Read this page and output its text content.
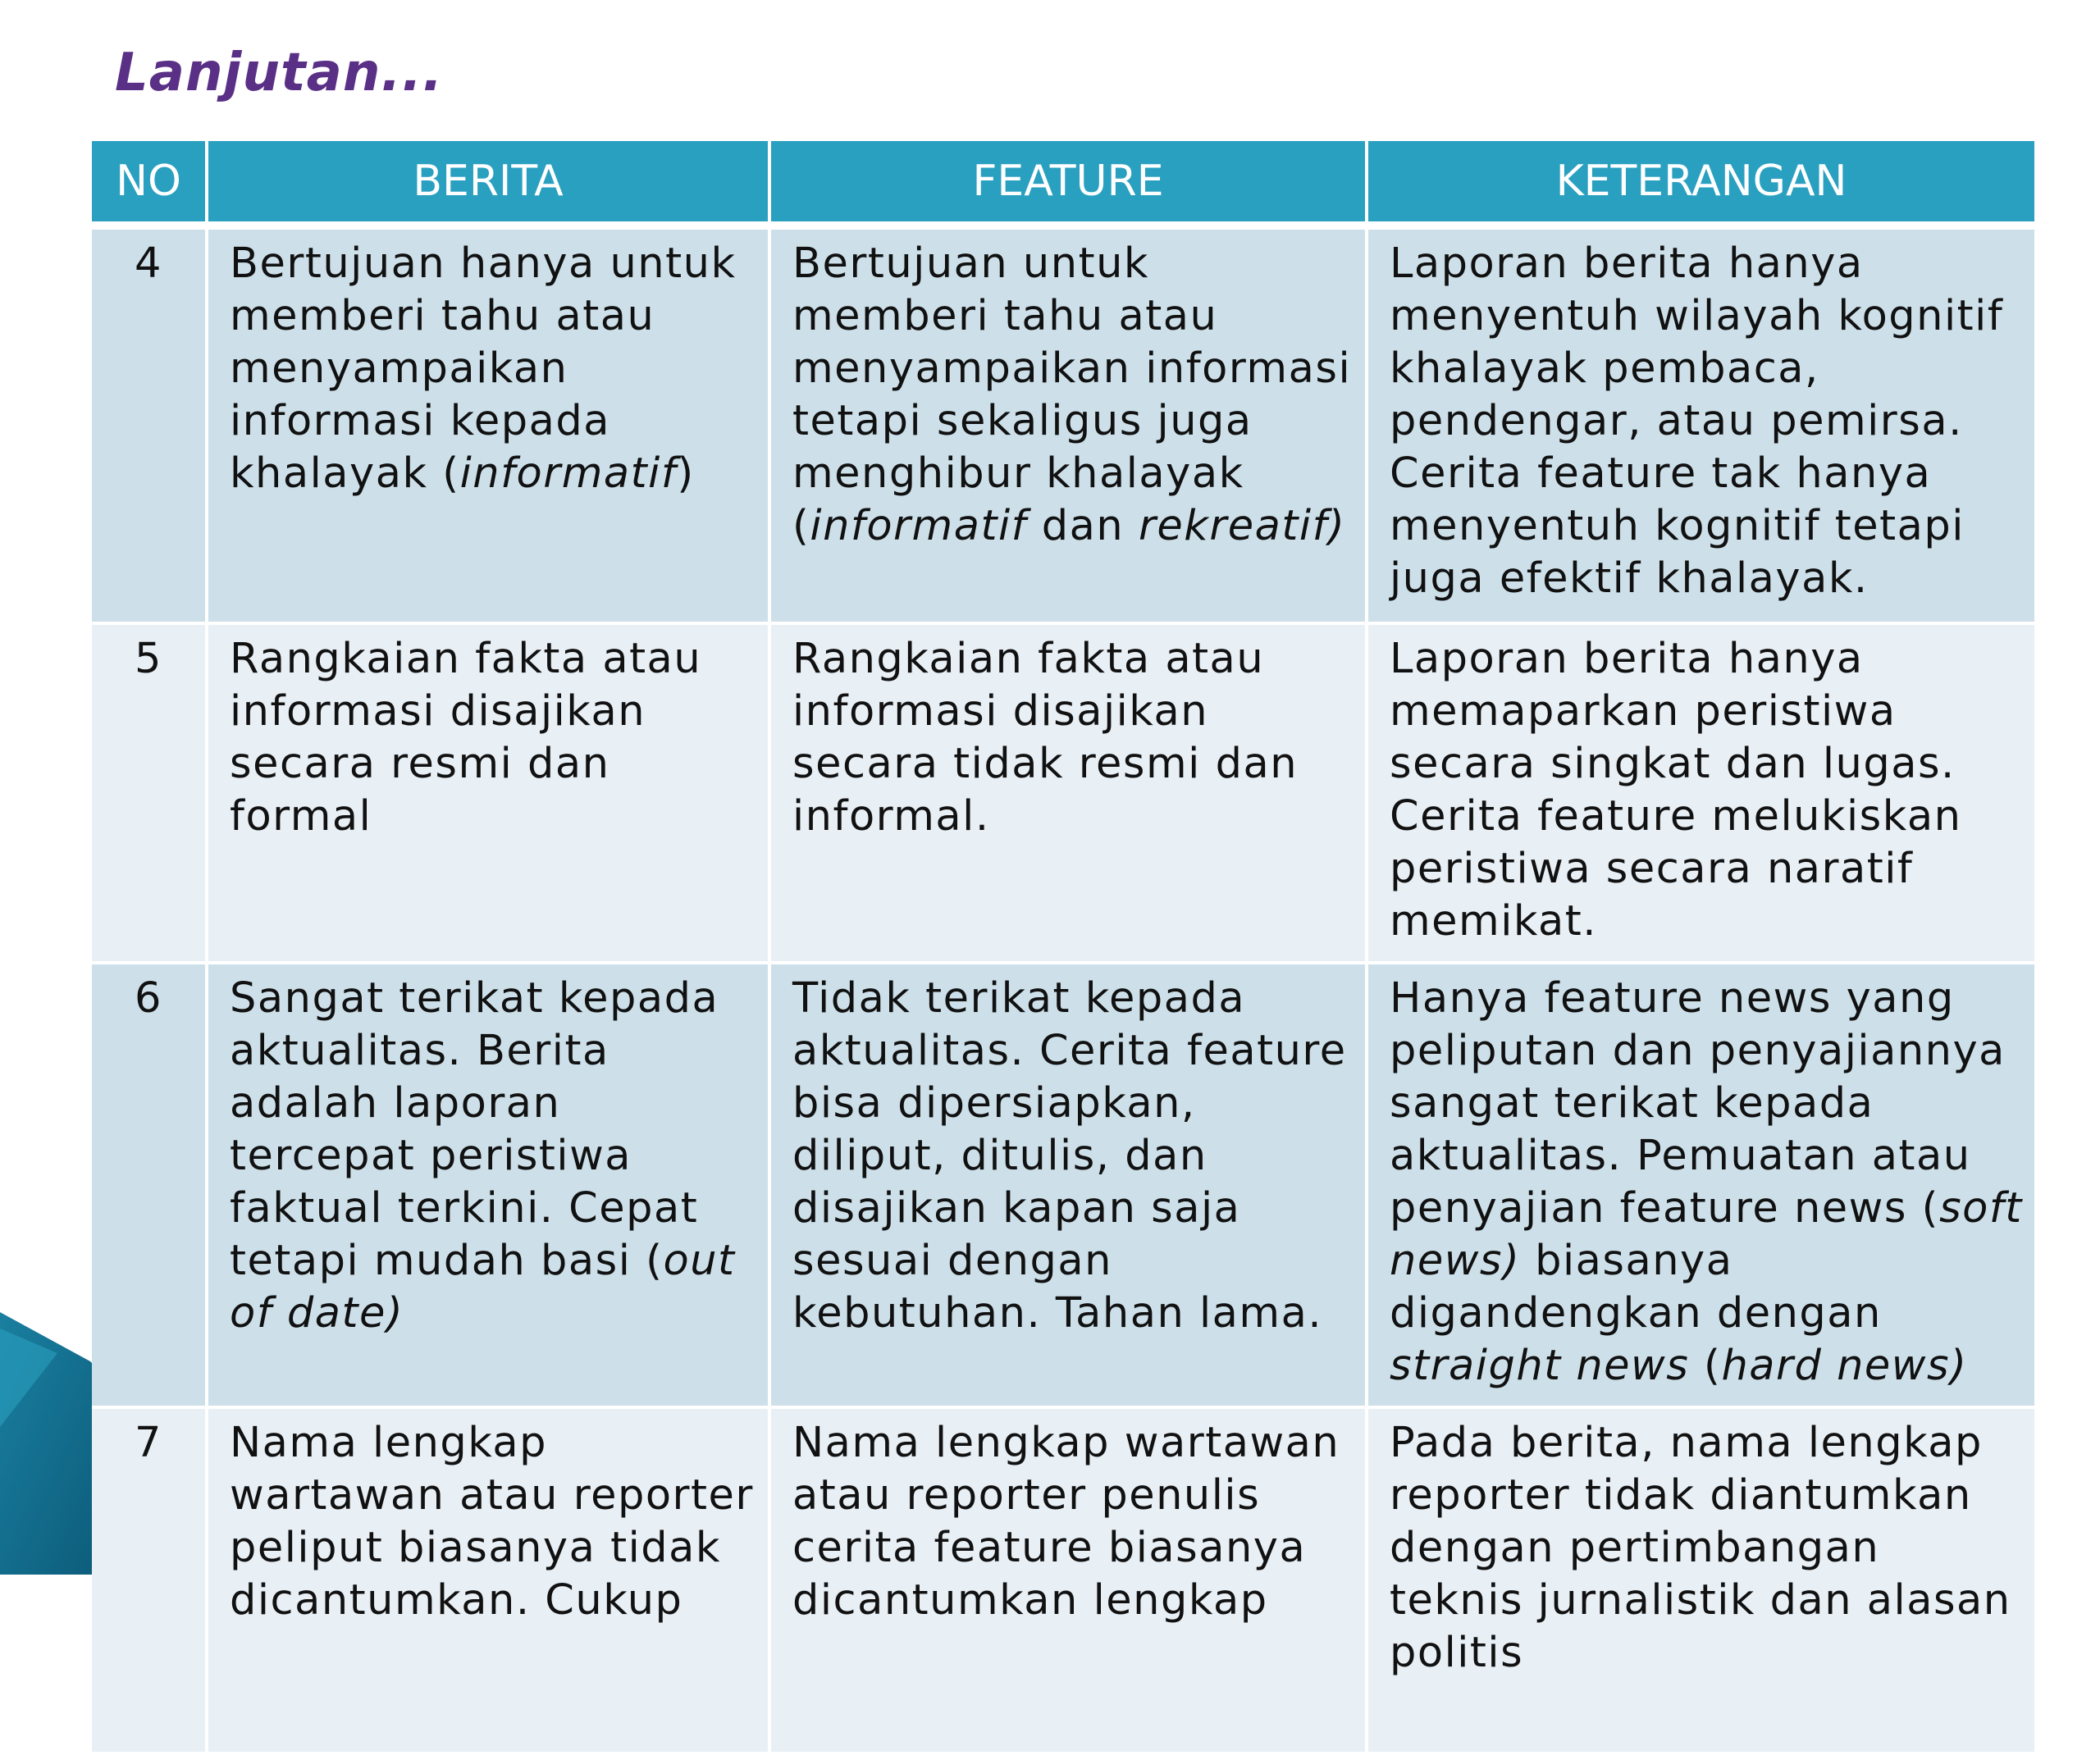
Lanjutan...
NO	BERITA	FEATURE	KETERANGAN
4	Bertujuan hanya untuk memberi tahu atau menyampaikan informasi kepada khalayak (informatif)	Bertujuan untuk memberi tahu atau menyampaikan informasi tetapi sekaligus juga menghibur khalayak (informatif dan rekreatif)	Laporan berita hanya menyentuh wilayah kognitif khalayak pembaca, pendengar, atau pemirsa. Cerita feature tak hanya menyentuh kognitif tetapi juga efektif khalayak.
5	Rangkaian fakta atau informasi disajikan secara resmi dan formal	Rangkaian fakta atau informasi disajikan secara tidak resmi dan informal.	Laporan berita hanya memaparkan peristiwa secara singkat dan lugas. Cerita feature melukiskan peristiwa secara naratif memikat.
6	Sangat terikat kepada aktualitas. Berita adalah laporan tercepat peristiwa faktual terkini. Cepat tetapi mudah basi (out of date)	Tidak terikat kepada aktualitas. Cerita feature bisa dipersiapkan, diliput, ditulis, dan disajikan kapan saja sesuai dengan kebutuhan. Tahan lama.	Hanya feature news yang peliputan dan penyajiannya sangat terikat kepada aktualitas. Pemuatan atau penyajian feature news (soft news) biasanya digandengkan dengan straight news (hard news)
7	Nama lengkap wartawan atau reporter peliput biasanya tidak dicantumkan. Cukup	Nama lengkap wartawan atau reporter penulis cerita feature biasanya dicantumkan lengkap	Pada berita, nama lengkap reporter tidak diantumkan dengan pertimbangan teknis jurnalistik dan alasan politis
